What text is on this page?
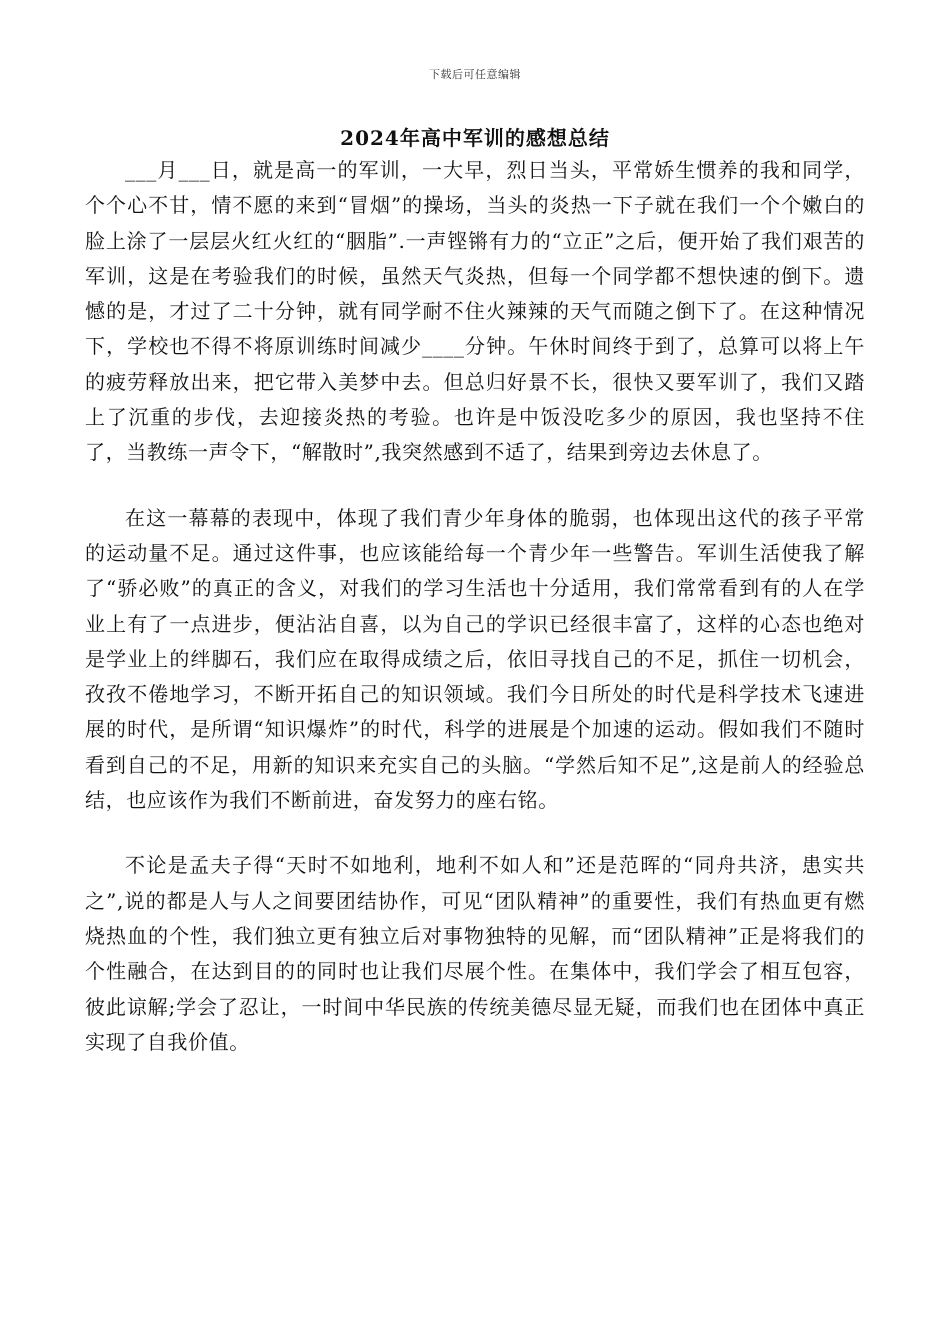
下载后可任意编辑
2024年高中军训的感想总结

___月___日，就是高一的军训，一大早，烈日当头，平常娇生惯养的我和同学，个个心不甘，情不愿的来到“冒烟”的操场，当头的炎热一下子就在我们一个个嫩白的脸上涂了一层层火红火红的“胭脂”.一声铿锵有力的“立正”之后，便开始了我们艰苦的军训，这是在考验我们的时候，虽然天气炎热，但每一个同学都不想快速的倒下。遗憾的是，才过了二十分钟，就有同学耐不住火辣辣的天气而随之倒下了。在这种情况下，学校也不得不将原训练时间减少____分钟。午休时间终于到了，总算可以将上午的疲劳释放出来，把它带入美梦中去。但总归好景不长，很快又要军训了，我们又踏上了沉重的步伐，去迎接炎热的考验。也许是中饭没吃多少的原因，我也坚持不住了，当教练一声令下，“解散时”,我突然感到不适了，结果到旁边去休息了。

在这一幕幕的表现中，体现了我们青少年身体的脆弱，也体现出这代的孩子平常的运动量不足。通过这件事，也应该能给每一个青少年一些警告。军训生活使我了解了“骄必败”的真正的含义，对我们的学习生活也十分适用，我们常常看到有的人在学业上有了一点进步，便沾沾自喜，以为自己的学识已经很丰富了，这样的心态也绝对是学业上的绊脚石，我们应在取得成绩之后，依旧寻找自己的不足，抓住一切机会，孜孜不倦地学习，不断开拓自己的知识领域。我们今日所处的时代是科学技术飞速进展的时代，是所谓“知识爆炸”的时代，科学的进展是个加速的运动。假如我们不随时看到自己的不足，用新的知识来充实自己的头脑。“学然后知不足”,这是前人的经验总结，也应该作为我们不断前进，奋发努力的座右铭。

不论是孟夫子得“天时不如地利，地利不如人和”还是范晖的“同舟共济，患实共之”,说的都是人与人之间要团结协作，可见“团队精神”的重要性，我们有热血更有燃烧热血的个性，我们独立更有独立后对事物独特的见解，而“团队精神”正是将我们的个性融合，在达到目的的同时也让我们尽展个性。在集体中，我们学会了相互包容，彼此谅解;学会了忍让，一时间中华民族的传统美德尽显无疑，而我们也在团体中真正实现了自我价值。
